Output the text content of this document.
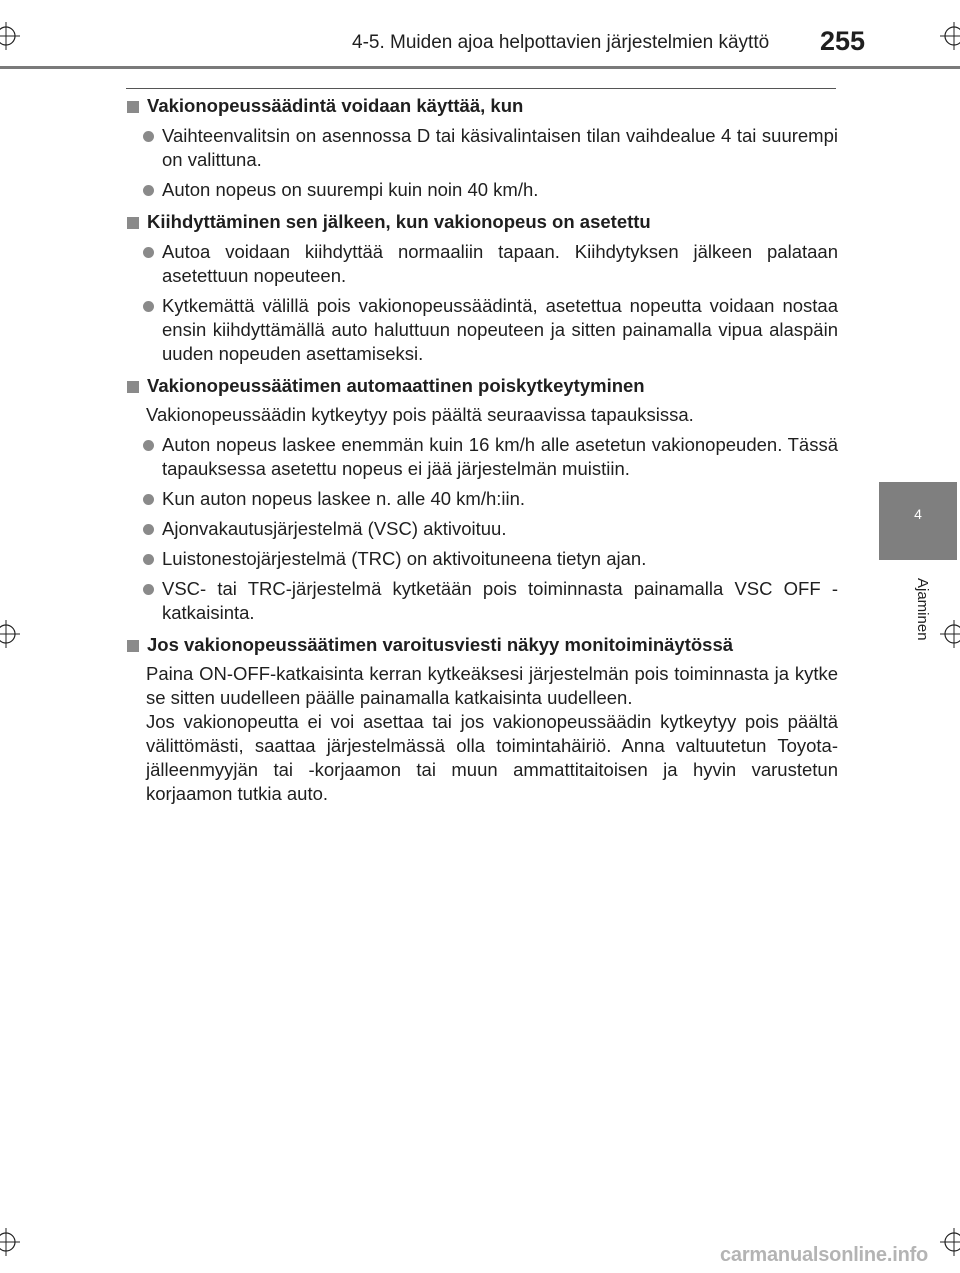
4-5. Muiden ajoa helpottavien järjestelmien käyttö 255
4
Ajaminen
Vakionopeussäädintä voidaan käyttää, kun
Vaihteenvalitsin on asennossa D tai käsivalintaisen tilan vaihdealue 4 tai suurempi on valittuna.
Auton nopeus on suurempi kuin noin 40 km/h.
Kiihdyttäminen sen jälkeen, kun vakionopeus on asetettu
Autoa voidaan kiihdyttää normaaliin tapaan. Kiihdytyksen jälkeen palataan asetettuun nopeuteen.
Kytkemättä välillä pois vakionopeussäädintä, asetettua nopeutta voidaan nostaa ensin kiihdyttämällä auto haluttuun nopeuteen ja sitten painamalla vipua alaspäin uuden nopeuden asettamiseksi.
Vakionopeussäätimen automaattinen poiskytkeytyminen
Vakionopeussäädin kytkeytyy pois päältä seuraavissa tapauksissa.
Auton nopeus laskee enemmän kuin 16 km/h alle asetetun vakionopeuden. Tässä tapauksessa asetettu nopeus ei jää järjestelmän muistiin.
Kun auton nopeus laskee n. alle 40 km/h:iin.
Ajonvakautusjärjestelmä (VSC) aktivoituu.
Luistonestojärjestelmä (TRC) on aktivoituneena tietyn ajan.
VSC- tai TRC-järjestelmä kytketään pois toiminnasta painamalla VSC OFF -katkaisinta.
Jos vakionopeussäätimen varoitusviesti näkyy monitoiminäytössä
Paina ON-OFF-katkaisinta kerran kytkeäksesi järjestelmän pois toiminnasta ja kytke se sitten uudelleen päälle painamalla katkaisinta uudelleen.
Jos vakionopeutta ei voi asettaa tai jos vakionopeussäädin kytkeytyy pois päältä välittömästi, saattaa järjestelmässä olla toimintahäiriö. Anna valtuutetun Toyota-jälleenmyyjän tai -korjaamon tai muun ammattitaitoisen ja hyvin varustetun korjaamon tutkia auto.
carmanualsonline.info
